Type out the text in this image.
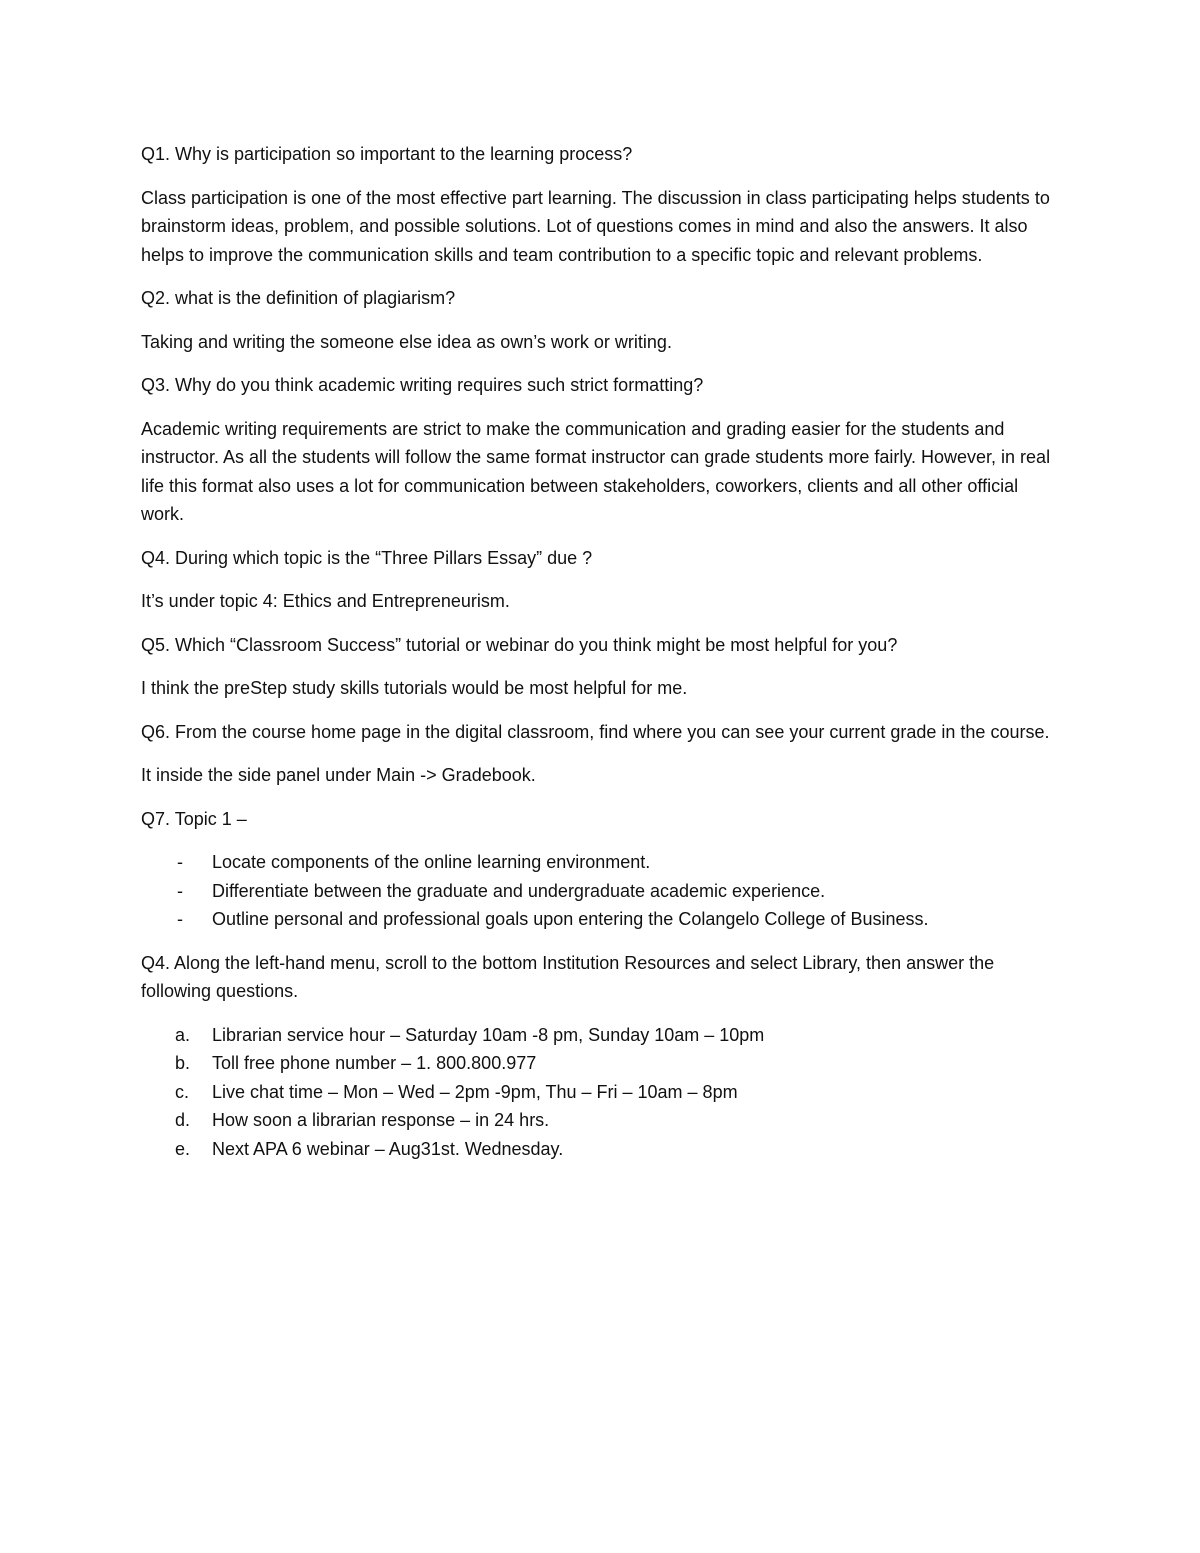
Q1. Why is participation so important to the learning process?

Class participation is one of the most effective part learning. The discussion in class participating helps students to brainstorm ideas, problem, and possible solutions. Lot of questions comes in mind and also the answers. It also helps to improve the communication skills and team contribution to a specific topic and relevant problems.

Q2. what is the definition of plagiarism?

Taking and writing the someone else idea as own’s work or writing.

Q3. Why do you think academic writing requires such strict formatting?

Academic writing requirements are strict to make the communication and grading easier for the students and instructor. As all the students will follow the same format instructor can grade students more fairly. However, in real life this format also uses a lot for communication between stakeholders, coworkers, clients and all other official work.

Q4. During which topic is the “Three Pillars Essay” due ?

It’s under topic 4: Ethics and Entrepreneurism.

Q5. Which “Classroom Success” tutorial or webinar do you think might be most helpful for you?

I think the preStep study skills tutorials would be most helpful for me.

Q6. From the course home page in the digital classroom, find where you can see your current grade in the course.

It inside the side panel under Main -> Gradebook.

Q7. Topic 1 –

- Locate components of the online learning environment.
- Differentiate between the graduate and undergraduate academic experience.
- Outline personal and professional goals upon entering the Colangelo College of Business.

Q4. Along the left-hand menu, scroll to the bottom Institution Resources and select Library, then answer the following questions.

a. Librarian service hour – Saturday 10am -8 pm, Sunday 10am – 10pm
b. Toll free phone number – 1. 800.800.977
c. Live chat time – Mon – Wed – 2pm -9pm, Thu – Fri – 10am – 8pm
d. How soon a librarian response – in 24 hrs.
e. Next APA 6 webinar – Aug31st. Wednesday.
